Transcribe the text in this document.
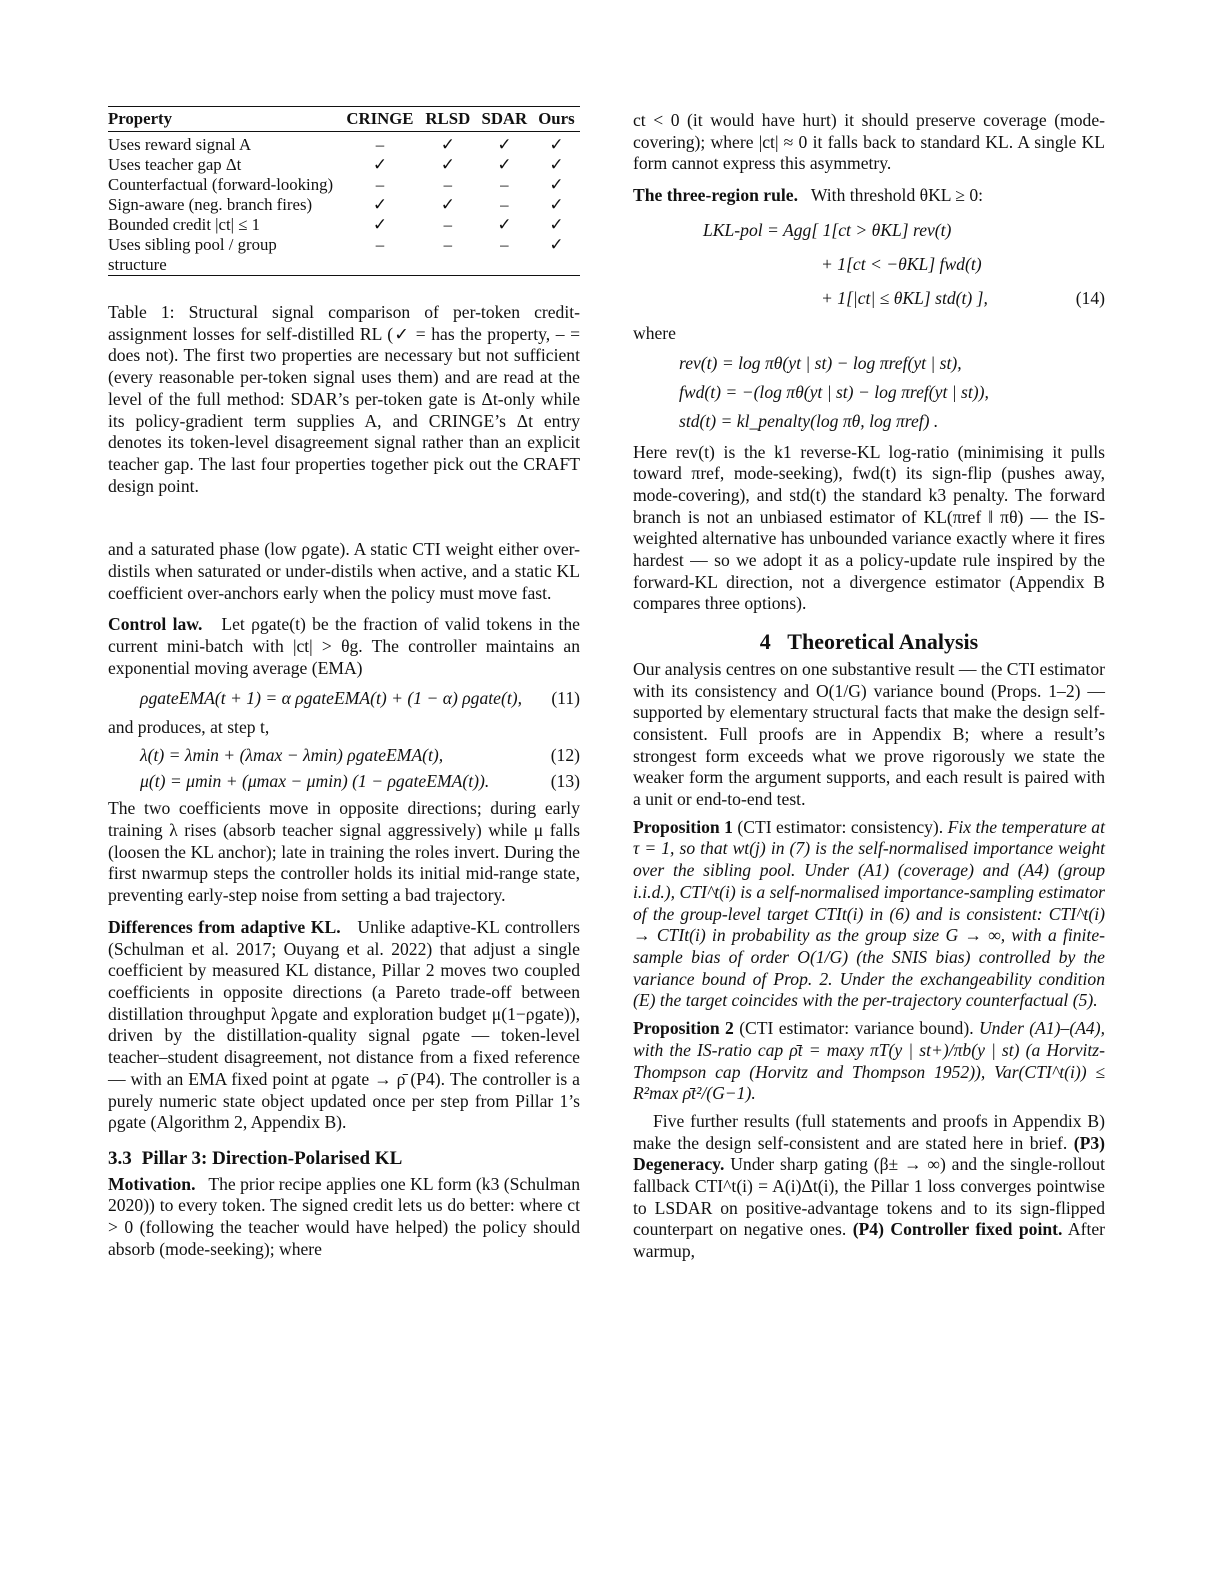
Property	CRINGE	RLSD	SDAR	Ours
Uses reward signal A	–	✓	✓	✓
Uses teacher gap Δt	✓	✓	✓	✓
Counterfactual (forward-looking)	–	–	–	✓
Sign-aware (neg. branch fires)	✓	✓	–	✓
Bounded credit |ct| ≤ 1	✓	–	✓	✓
Uses sibling pool / group structure	–	–	–	✓

Table 1: Structural signal comparison of per-token credit-assignment losses for self-distilled RL (✓ = has the property, – = does not). The first two properties are necessary but not sufficient (every reasonable per-token signal uses them) and are read at the level of the full method: SDAR’s per-token gate is Δt-only while its policy-gradient term supplies A, and CRINGE’s Δt entry denotes its token-level disagreement signal rather than an explicit teacher gap. The last four properties together pick out the CRAFT design point.

and a saturated phase (low ρgate). A static CTI weight either over-distils when saturated or under-distils when active, and a static KL coefficient over-anchors early when the policy must move fast.

Control law. Let ρgate(t) be the fraction of valid tokens in the current mini-batch with |ct| > θg. The controller maintains an exponential moving average (EMA)

ρgateEMA(t + 1) = α ρgateEMA(t) + (1 − α) ρgate(t),	(11)

and produces, at step t,

λ(t) = λmin + (λmax − λmin) ρgateEMA(t),	(12)
μ(t) = μmin + (μmax − μmin) (1 − ρgateEMA(t)).	(13)

The two coefficients move in opposite directions; during early training λ rises (absorb teacher signal aggressively) while μ falls (loosen the KL anchor); late in training the roles invert. During the first nwarmup steps the controller holds its initial mid-range state, preventing early-step noise from setting a bad trajectory.

Differences from adaptive KL. Unlike adaptive-KL controllers (Schulman et al. 2017; Ouyang et al. 2022) that adjust a single coefficient by measured KL distance, Pillar 2 moves two coupled coefficients in opposite directions (a Pareto trade-off between distillation throughput λρgate and exploration budget μ(1−ρgate)), driven by the distillation-quality signal ρgate — token-level teacher–student disagreement, not distance from a fixed reference — with an EMA fixed point at ρgate → ρ̄ (P4). The controller is a purely numeric state object updated once per step from Pillar 1’s ρgate (Algorithm 2, Appendix B).

3.3 Pillar 3: Direction-Polarised KL

Motivation. The prior recipe applies one KL form (k3 (Schulman 2020)) to every token. The signed credit lets us do better: where ct > 0 (following the teacher would have helped) the policy should absorb (mode-seeking); where

ct < 0 (it would have hurt) it should preserve coverage (mode-covering); where |ct| ≈ 0 it falls back to standard KL. A single KL form cannot express this asymmetry.

The three-region rule. With threshold θKL ≥ 0:

LKL-pol = Agg[ 1[ct > θKL] rev(t)
+ 1[ct < −θKL] fwd(t)
+ 1[|ct| ≤ θKL] std(t) ],	(14)

where

rev(t) = log πθ(yt | st) − log πref(yt | st),
fwd(t) = −(log πθ(yt | st) − log πref(yt | st)),
std(t) = kl_penalty(log πθ, log πref) .

Here rev(t) is the k1 reverse-KL log-ratio (minimising it pulls toward πref, mode-seeking), fwd(t) its sign-flip (pushes away, mode-covering), and std(t) the standard k3 penalty. The forward branch is not an unbiased estimator of KL(πref ‖ πθ) — the IS-weighted alternative has unbounded variance exactly where it fires hardest — so we adopt it as a policy-update rule inspired by the forward-KL direction, not a divergence estimator (Appendix B compares three options).

4 Theoretical Analysis

Our analysis centres on one substantive result — the CTI estimator with its consistency and O(1/G) variance bound (Props. 1–2) — supported by elementary structural facts that make the design self-consistent. Full proofs are in Appendix B; where a result’s strongest form exceeds what we prove rigorously we state the weaker form the argument supports, and each result is paired with a unit or end-to-end test.

Proposition 1 (CTI estimator: consistency). Fix the temperature at τ = 1, so that wt(j) in (7) is the self-normalised importance weight over the sibling pool. Under (A1) (coverage) and (A4) (group i.i.d.), CTI^t(i) is a self-normalised importance-sampling estimator of the group-level target CTIt(i) in (6) and is consistent: CTI^t(i) → CTIt(i) in probability as the group size G → ∞, with a finite-sample bias of order O(1/G) (the SNIS bias) controlled by the variance bound of Prop. 2. Under the exchangeability condition (E) the target coincides with the per-trajectory counterfactual (5).

Proposition 2 (CTI estimator: variance bound). Under (A1)–(A4), with the IS-ratio cap ρ̄t = maxy πT(y | st+)/πb(y | st) (a Horvitz-Thompson cap (Horvitz and Thompson 1952)), Var(CTI^t(i)) ≤ R²max ρ̄t²/(G−1).

Five further results (full statements and proofs in Appendix B) make the design self-consistent and are stated here in brief. (P3) Degeneracy. Under sharp gating (β± → ∞) and the single-rollout fallback CTI^t(i) = A(i)Δt(i), the Pillar 1 loss converges pointwise to LSDAR on positive-advantage tokens and to its sign-flipped counterpart on negative ones. (P4) Controller fixed point. After warmup,
